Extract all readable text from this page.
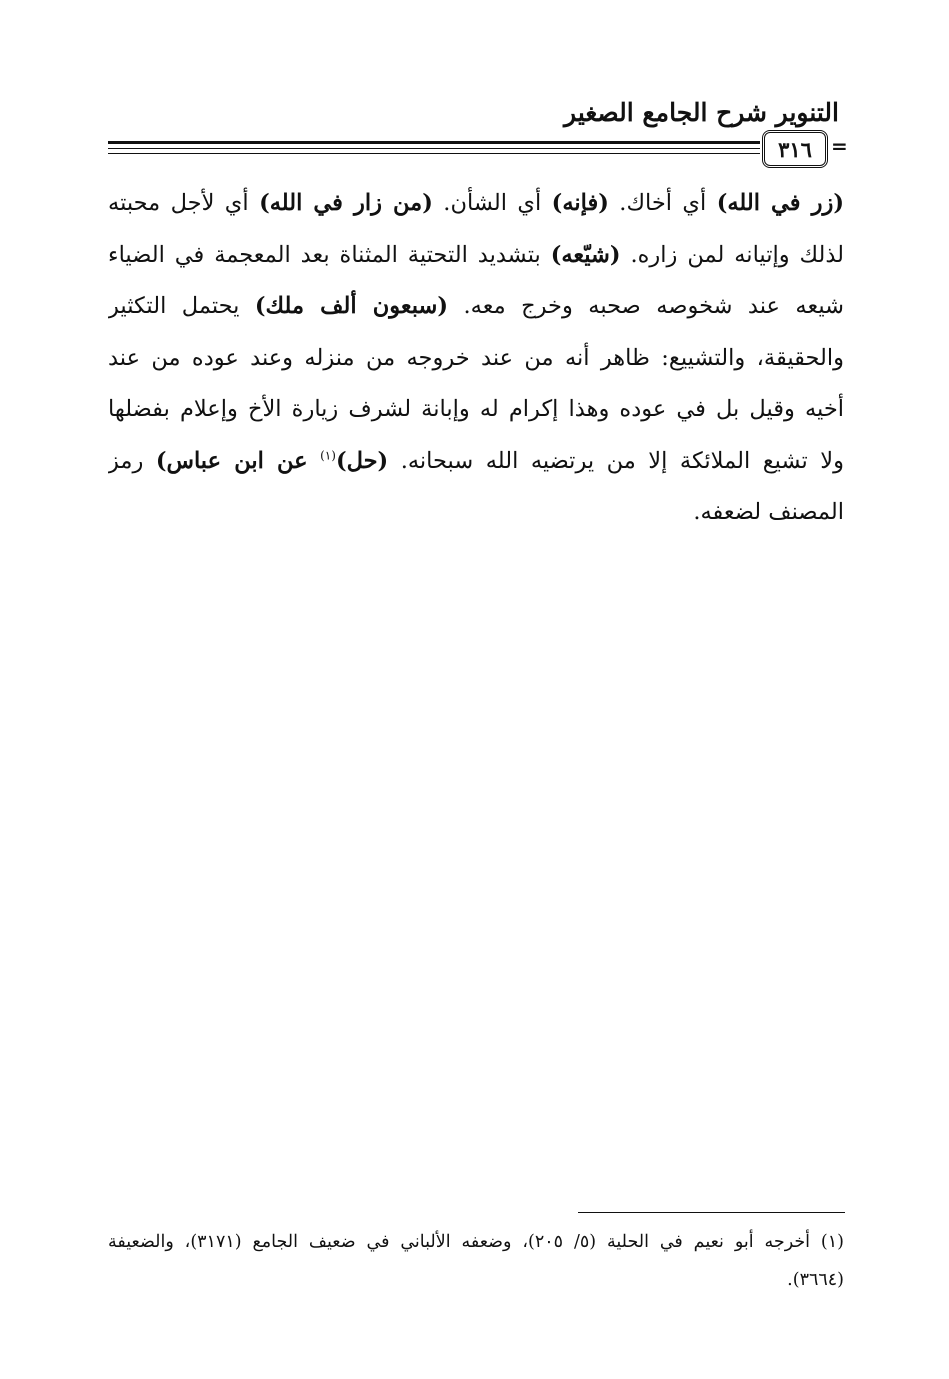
التنوير شرح الجامع الصغير
٣١٦ =
(زر في الله) أي أخاك. (فإنه) أي الشأن. (من زار في الله) أي لأجل محبته
لذلك وإتيانه لمن زاره. (شيّعه) بتشديد التحتية المثناة بعد المعجمة في الضياء
شيعه عند شخوصه صحبه وخرج معه. (سبعون ألف ملك) يحتمل التكثير
والحقيقة، والتشييع: ظاهر أنه من عند خروجه من منزله وعند عوده من عند
أخيه وقيل بل في عوده وهذا إكرام له وإبانة لشرف زيارة الأخ وإعلام بفضلها
ولا تشيع الملائكة إلا من يرتضيه الله سبحانه. (حل)$^{(١)}$ عن ابن عباس) رمز
المصنف لضعفه.
(١) أخرجه أبو نعيم في الحلية (٥/ ٢٠٥)، وضعفه الألباني في ضعيف الجامع (٣١٧١)، والضعيفة
(٣٦٦٤).
